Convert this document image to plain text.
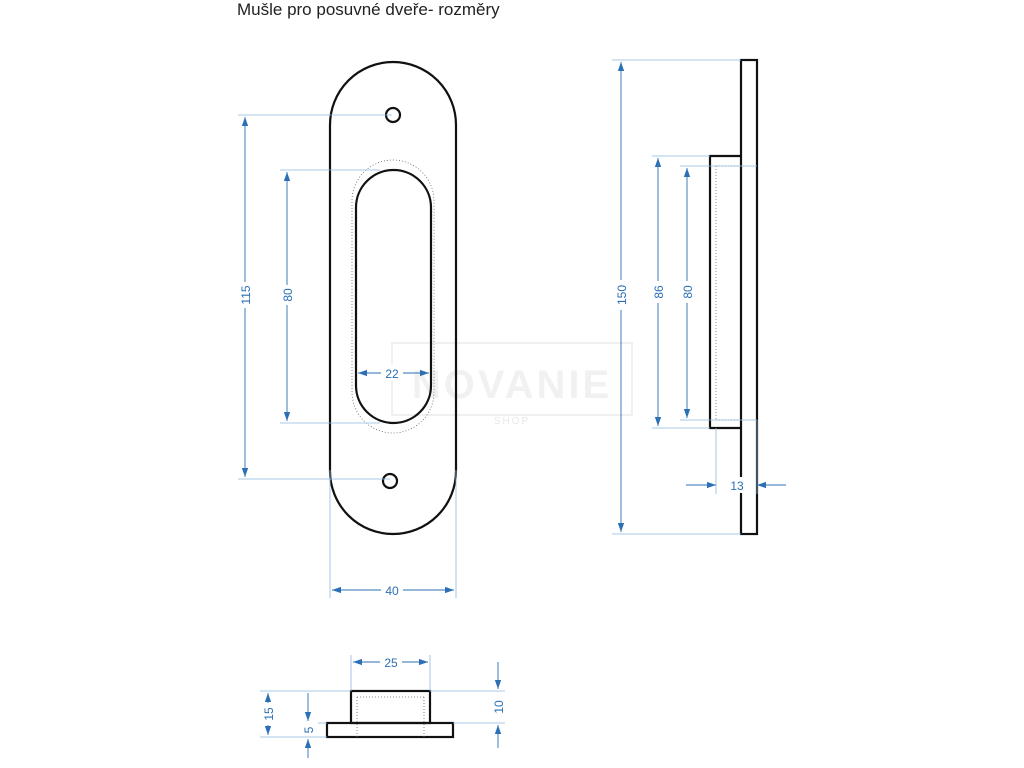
Mušle pro posuvné dveře- rozměry
NOVANIE
SHOP
115 80
22
40
150 86 80
13
25
15
5
10
